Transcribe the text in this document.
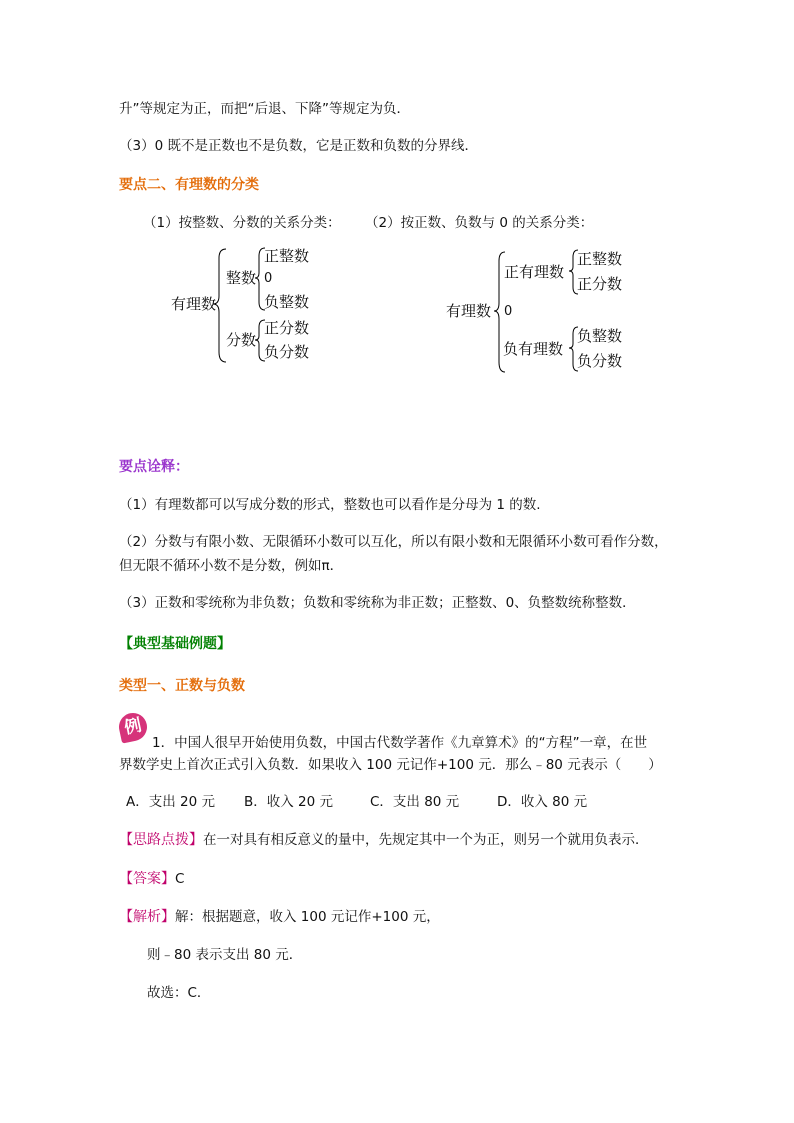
升”等规定为正，而把“后退、下降”等规定为负．
（3）0 既不是正数也不是负数，它是正数和负数的分界线．
要点二、有理数的分类
（1）按整数、分数的关系分类： （2）按正数、负数与 0 的关系分类：
有理数
整数
正整数
0
负整数
分数
正分数
负分数
有理数
正有理数
正整数
正分数
0
负有理数
负整数
负分数
要点诠释：
（1）有理数都可以写成分数的形式，整数也可以看作是分母为 1 的数.
（2）分数与有限小数、无限循环小数可以互化，所以有限小数和无限循环小数可看作分数，
但无限不循环小数不是分数，例如π．
（3）正数和零统称为非负数；负数和零统称为非正数；正整数、0、负整数统称整数．
【典型基础例题】
类型一、正数与负数
例
1．中国人很早开始使用负数，中国古代数学著作《九章算术》的“方程”一章，在世
界数学史上首次正式引入负数．如果收入 100 元记作+100 元．那么﹣80 元表示（　　）
A．支出 20 元 B．收入 20 元	C．支出 80 元	D．收入 80 元
【思路点拨】在一对具有相反意义的量中，先规定其中一个为正，则另一个就用负表示．
【答案】C
【解析】解：根据题意，收入 100 元记作+100 元，
则﹣80 表示支出 80 元．
故选：C．
